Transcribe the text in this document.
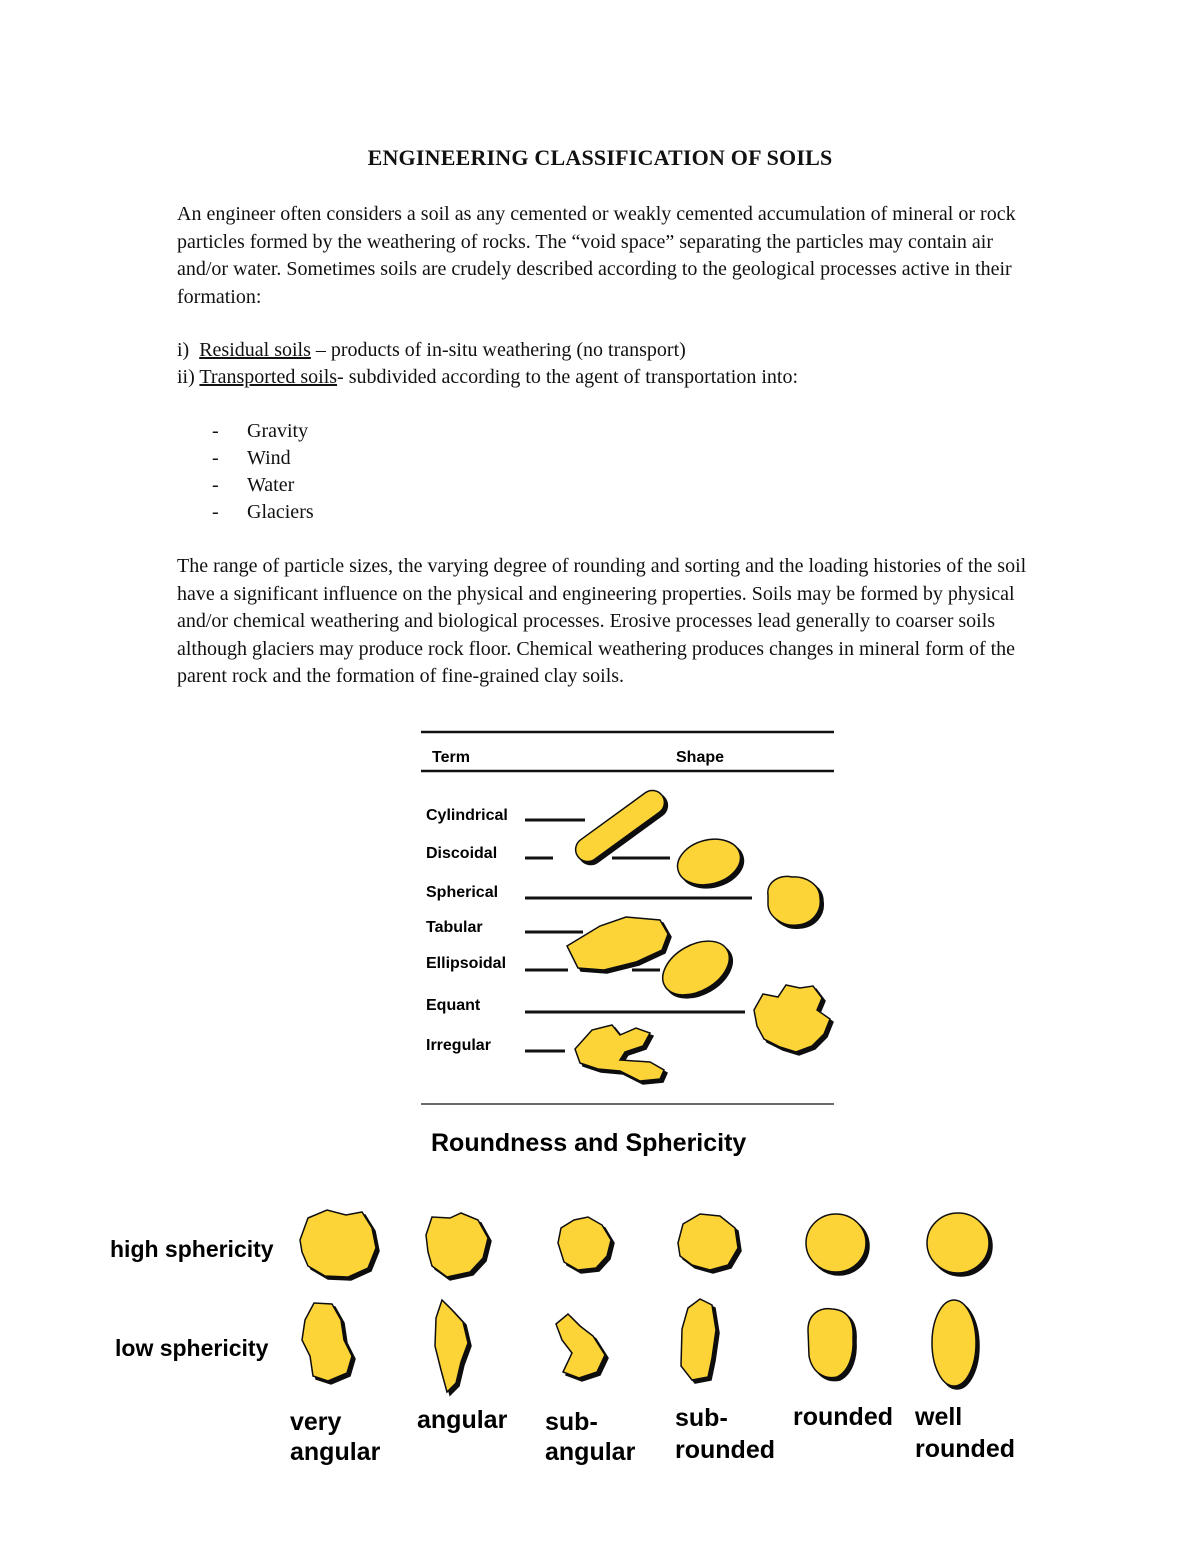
ENGINEERING CLASSIFICATION OF SOILS

An engineer often considers a soil as any cemented or weakly cemented accumulation of mineral or rock particles formed by the weathering of rocks. The “void space” separating the particles may contain air and/or water. Sometimes soils are crudely described according to the geological processes active in their formation:

i)  Residual soils – products of in-situ weathering (no transport)
ii) Transported soils- subdivided according to the agent of transportation into:
- Gravity
- Wind
- Water
- Glaciers

The range of particle sizes, the varying degree of rounding and sorting and the loading histories of the soil have a significant influence on the physical and engineering properties. Soils may be formed by physical and/or chemical weathering and biological processes. Erosive processes lead generally to coarser soils although glaciers may produce rock floor. Chemical weathering produces changes in mineral form of the parent rock and the formation of fine-grained clay soils.

Term	Shape
Cylindrical
Discoidal
Spherical
Tabular
Ellipsoidal
Equant
Irregular
Roundness and Sphericity
high sphericity
low sphericity
very
angular
angular sub-
angular
sub-
rounded
rounded well
rounded
